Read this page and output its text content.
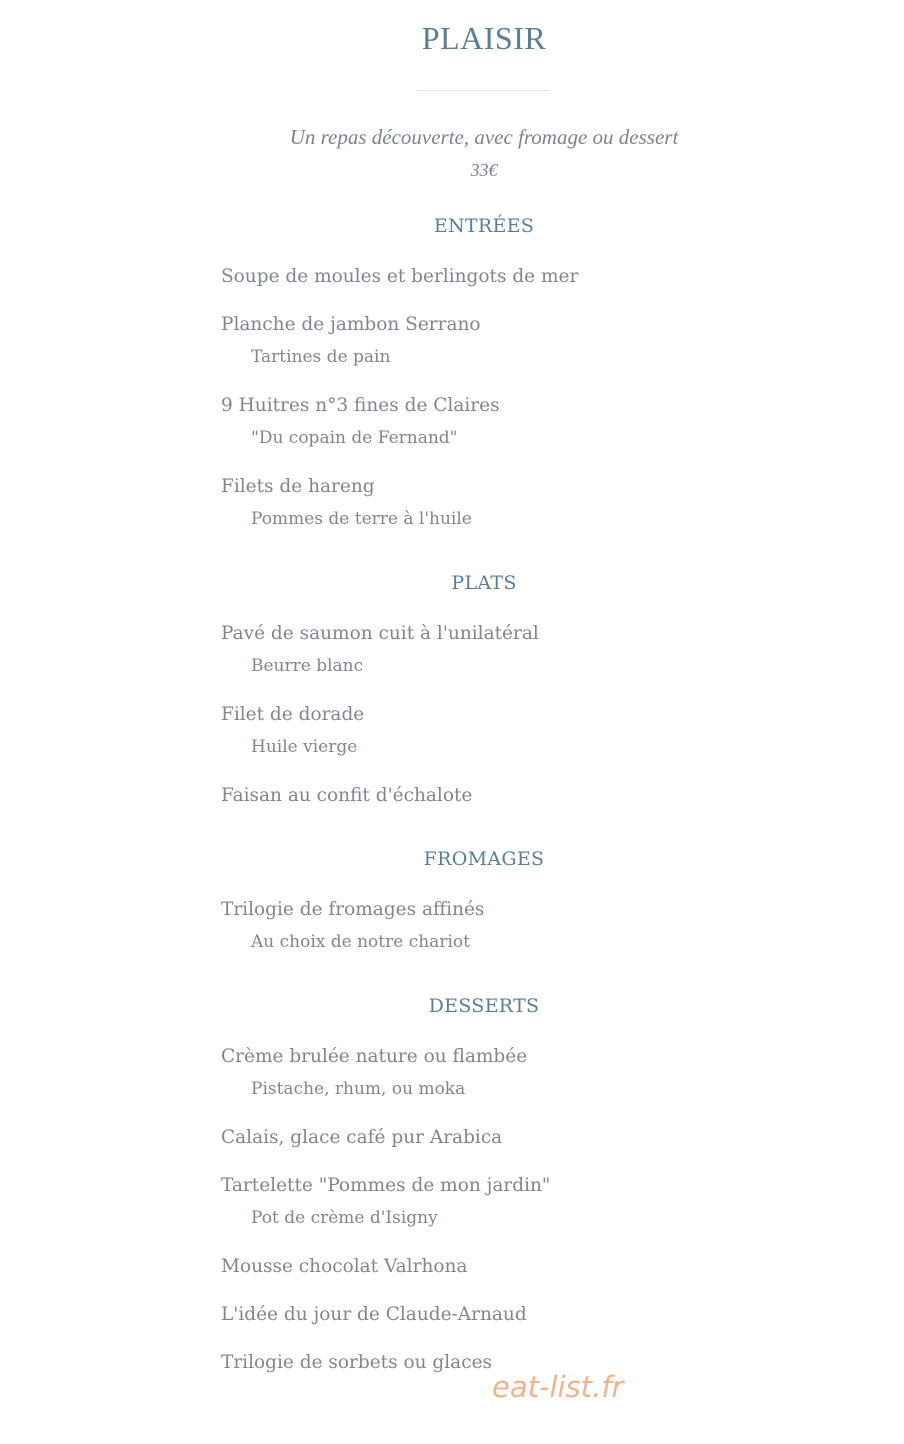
PLAISIR
Un repas découverte, avec fromage ou dessert
33€
ENTRÉES
Soupe de moules et berlingots de mer
Planche de jambon Serrano
Tartines de pain
9 Huitres n°3 fines de Claires
"Du copain de Fernand"
Filets de hareng
Pommes de terre à l'huile
PLATS
Pavé de saumon cuit à l'unilatéral
Beurre blanc
Filet de dorade
Huile vierge
Faisan au confit d'échalote
FROMAGES
Trilogie de fromages affinés
Au choix de notre chariot
DESSERTS
Crème brulée nature ou flambée
Pistache, rhum, ou moka
Calais, glace café pur Arabica
Tartelette "Pommes de mon jardin"
Pot de crème d'Isigny
Mousse chocolat Valrhona
L'idée du jour de Claude-Arnaud
Trilogie de sorbets ou glaces
eat-list.fr
